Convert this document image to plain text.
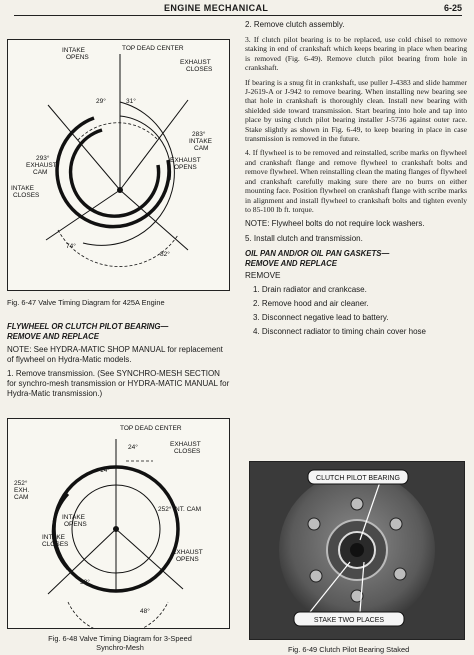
ENGINE MECHANICAL	6-25
INTAKE
OPENS
TOP DEAD CENTER
EXHAUST
CLOSES
29°	31°
283°
INTAKE
CAM
293°
EXHAUST
CAM
EXHAUST
OPENS
INTAKE
CLOSES
74°
82°
Fig. 6-47 Valve Timing Diagram for 425A Engine
FLYWHEEL OR CLUTCH PILOT BEARING—
REMOVE AND REPLACE
NOTE: See HYDRA-MATIC SHOP MANUAL for replacement of flywheel on Hydra-Matic models.
1. Remove transmission. (See SYNCHRO-MESH SECTION for synchro-mesh transmission or HYDRA-MATIC MANUAL for Hydra-Matic transmission.)
TOP DEAD CENTER
24°	EXHAUST
CLOSES
14°
252°
EXH.
CAM
252° INT. CAM
INTAKE
OPENS
INTAKE
CLOSES
EXHAUST
OPENS
58°
48°
Fig. 6-48 Valve Timing Diagram for 3-Speed
Synchro-Mesh

2. Remove clutch assembly.

3. If clutch pilot bearing is to be replaced, use cold chisel to remove staking in end of crankshaft which keeps bearing in place when bearing is removed (Fig. 6-49). Remove clutch pilot bearing from hole in crankshaft.

If bearing is a snug fit in crankshaft, use puller J-4383 and slide hammer J-2619-A or J-942 to remove bearing. When installing new bearing see that hole in crankshaft is thoroughly clean. Install new bearing with shielded side toward transmission. Start bearing into hole and tap into place by using clutch pilot bearing installer J-5736 against outer race. Stake slightly as shown in Fig. 6-49, to keep bearing in place in case transmission is removed in the future.

4. If flywheel is to be removed and reinstalled, scribe marks on flywheel and crankshaft flange and remove flywheel to crankshaft bolts and remove flywheel. When reinstalling clean the mating flanges of flywheel and crankshaft carefully making sure there are no burrs on either mounting face. Position flywheel on crankshaft flange with scribe marks in alignment and install flywheel to crankshaft bolts and tighten evenly to 85-100 lb ft. torque.

NOTE: Flywheel bolts do not require lock washers.

5. Install clutch and transmission.

OIL PAN AND/OR OIL PAN GASKETS—
REMOVE AND REPLACE
REMOVE
1. Drain radiator and crankcase.
2. Remove hood and air cleaner.
3. Disconnect negative lead to battery.
4. Disconnect radiator to timing chain cover hose
CLUTCH PILOT BEARING
STAKE TWO PLACES
Fig. 6-49 Clutch Pilot Bearing Staked
